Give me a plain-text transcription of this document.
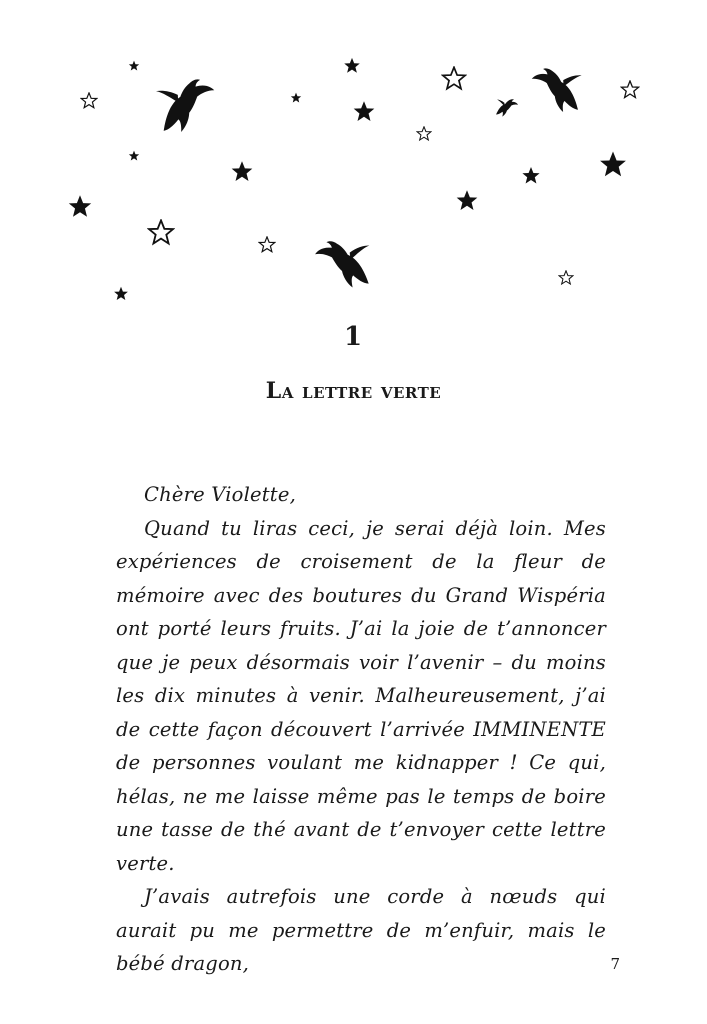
1
La lettre verte

Chère Violette,

Quand tu liras ceci, je serai déjà loin. Mes expériences de croisement de la fleur de mémoire avec des boutures du Grand Wispéria ont porté leurs fruits. J’ai la joie de t’annoncer que je peux désormais voir l’avenir – du moins les dix minutes à venir. Malheureusement, j’ai de cette façon découvert l’arrivée IMMINENTE de personnes voulant me kidnapper ! Ce qui, hélas, ne me laisse même pas le temps de boire une tasse de thé avant de t’envoyer cette lettre verte.

J’avais autrefois une corde à nœuds qui aurait pu me permettre de m’enfuir, mais le bébé dragon,	7
